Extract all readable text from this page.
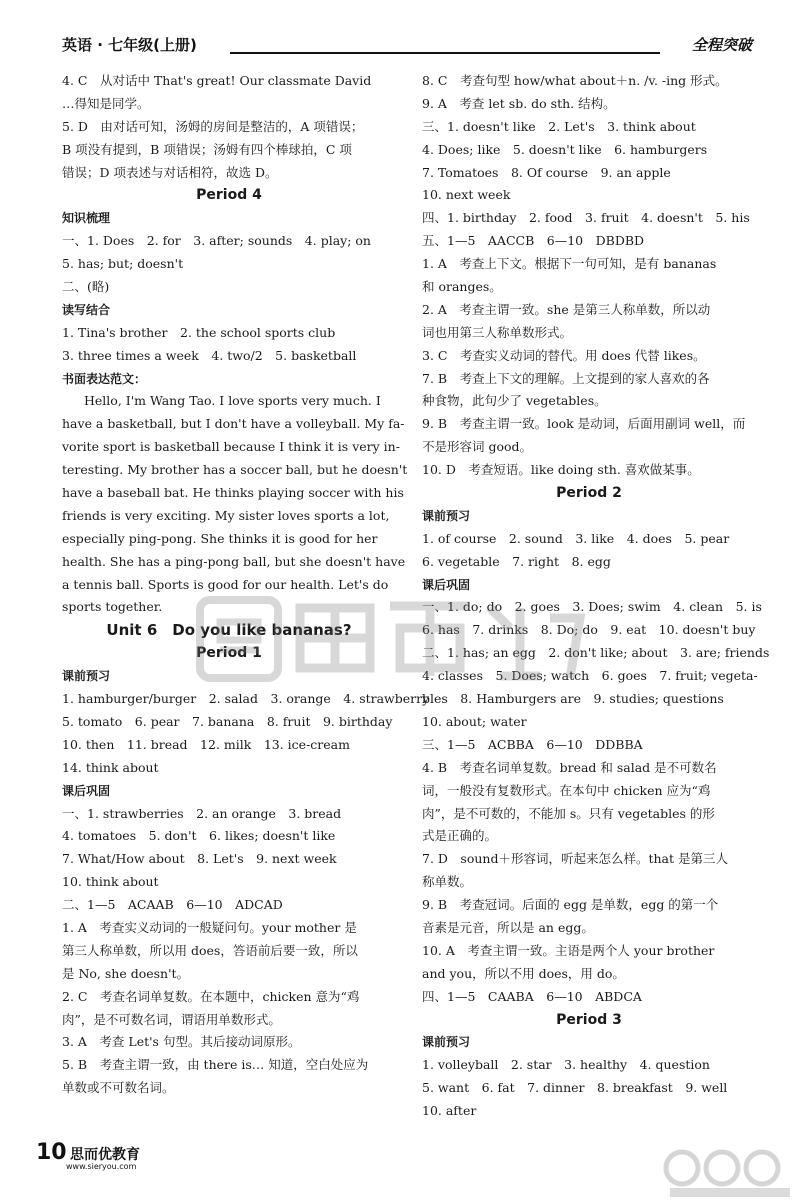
英语 · 七年级(上册)	全程突破
4. C　从对话中 That's great! Our classmate David
…得知是同学。
5. D　由对话可知，汤姆的房间是整洁的，A 项错误；
B 项没有提到，B 项错误；汤姆有四个棒球拍，C 项
错误；D 项表述与对话相符，故选 D。
Period 4
知识梳理
一、1. Does　2. for　3. after; sounds　4. play; on
5. has; but; doesn't
二、(略)
读写结合
1. Tina's brother　2. the school sports club
3. three times a week　4. two/2　5. basketball
书面表达范文：
Hello, I'm Wang Tao. I love sports very much. I
have a basketball, but I don't have a volleyball. My fa-
vorite sport is basketball because I think it is very in-
teresting. My brother has a soccer ball, but he doesn't
have a baseball bat. He thinks playing soccer with his
friends is very exciting. My sister loves sports a lot,
especially ping-pong. She thinks it is good for her
health. She has a ping-pong ball, but she doesn't have
a tennis ball. Sports is good for our health. Let's do
sports together.
Unit 6　Do you like bananas?
Period 1
课前预习
1. hamburger/burger　2. salad　3. orange　4. strawberry
5. tomato　6. pear　7. banana　8. fruit　9. birthday
10. then　11. bread　12. milk　13. ice-cream
14. think about
课后巩固
一、1. strawberries　2. an orange　3. bread
4. tomatoes　5. don't　6. likes; doesn't like
7. What/How about　8. Let's　9. next week
10. think about
二、1—5　ACAAB　6—10　ADCAD
1. A　考查实义动词的一般疑问句。your mother 是
第三人称单数，所以用 does，答语前后要一致，所以
是 No, she doesn't。
2. C　考查名词单复数。在本题中，chicken 意为“鸡
肉”，是不可数名词，谓语用单数形式。
3. A　考查 Let's 句型。其后接动词原形。
5. B　考查主谓一致，由 there is… 知道，空白处应为
单数或不可数名词。
8. C　考查句型 how/what about＋n. /v. -ing 形式。
9. A　考查 let sb. do sth. 结构。
三、1. doesn't like　2. Let's　3. think about
4. Does; like　5. doesn't like　6. hamburgers
7. Tomatoes　8. Of course　9. an apple
10. next week
四、1. birthday　2. food　3. fruit　4. doesn't　5. his
五、1—5　AACCB　6—10　DBDBD
1. A　考查上下文。根据下一句可知，是有 bananas
和 oranges。
2. A　考查主谓一致。she 是第三人称单数，所以动
词也用第三人称单数形式。
3. C　考查实义动词的替代。用 does 代替 likes。
7. B　考查上下文的理解。上文提到的家人喜欢的各
种食物，此句少了 vegetables。
9. B　考查主谓一致。look 是动词，后面用副词 well，而
不是形容词 good。
10. D　考查短语。like doing sth. 喜欢做某事。
Period 2
课前预习
1. of course　2. sound　3. like　4. does　5. pear
6. vegetable　7. right　8. egg
课后巩固
一、1. do; do　2. goes　3. Does; swim　4. clean　5. is
6. has　7. drinks　8. Do; do　9. eat　10. doesn't buy
二、1. has; an egg　2. don't like; about　3. are; friends
4. classes　5. Does; watch　6. goes　7. fruit; vegeta-
bles　8. Hamburgers are　9. studies; questions
10. about; water
三、1—5　ACBBA　6—10　DDBBA
4. B　考查名词单复数。bread 和 salad 是不可数名
词，一般没有复数形式。在本句中 chicken 应为“鸡
肉”，是不可数的，不能加 s。只有 vegetables 的形
式是正确的。
7. D　sound＋形容词，听起来怎么样。that 是第三人
称单数。
9. B　考查冠词。后面的 egg 是单数，egg 的第一个
音素是元音，所以是 an egg。
10. A　考查主谓一致。主语是两个人 your brother
and you，所以不用 does，用 do。
四、1—5　CAABA　6—10　ABDCA
Period 3
课前预习
1. volleyball　2. star　3. healthy　4. question
5. want　6. fat　7. dinner　8. breakfast　9. well
10. after
10 思而优教育
www.sieryou.com
